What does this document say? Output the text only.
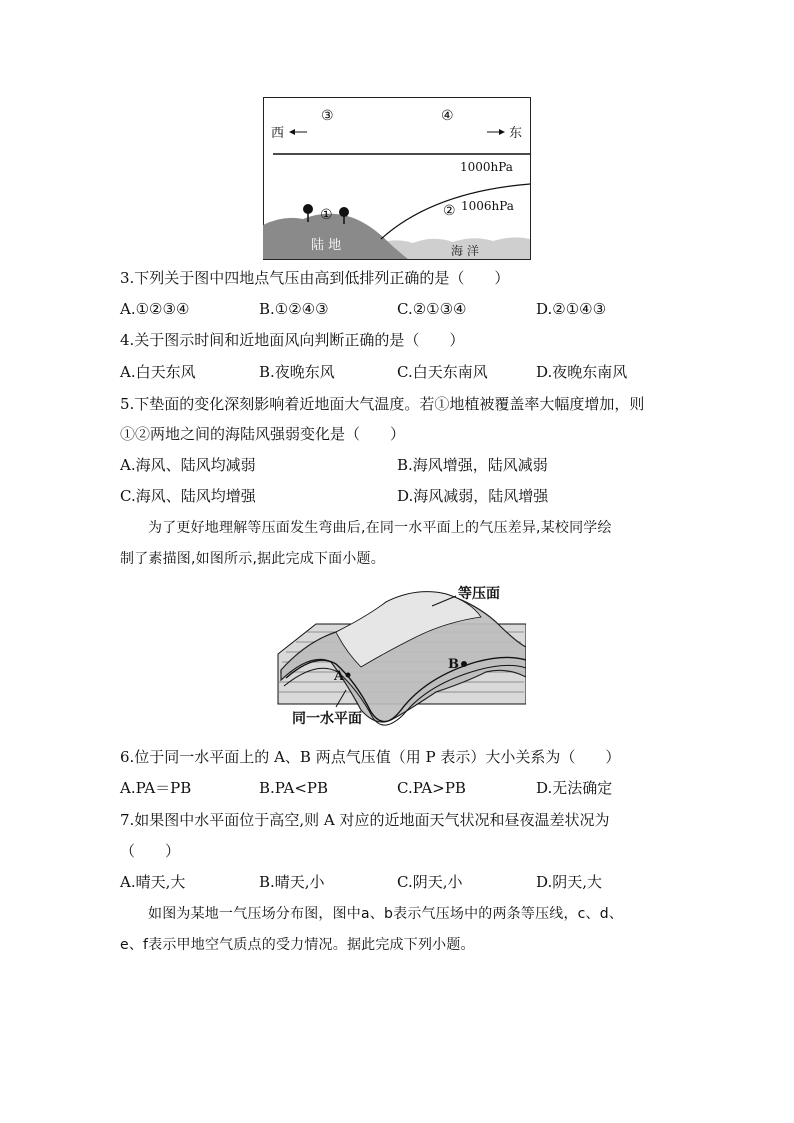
西	东
③	④
1000hPa
② 1006hPa
①
陆 地	海 洋
3.下列关于图中四地点气压由高到低排列正确的是（　　）
A.①②③④	B.①②④③	C.②①③④	D.②①④③
4.关于图示时间和近地面风向判断正确的是（　　）
A.白天东风	B.夜晚东风	C.白天东南风	D.夜晚东南风
5.下垫面的变化深刻影响着近地面大气温度。若①地植被覆盖率大幅度增加，则
①②两地之间的海陆风强弱变化是（　　）
A.海风、陆风均减弱	B.海风增强，陆风减弱
C.海风、陆风均增强	D.海风减弱，陆风增强
为了更好地理解等压面发生弯曲后,在同一水平面上的气压差异,某校同学绘
制了素描图,如图所示,据此完成下面小题。
A
B
等压面
同一水平面
6.位于同一水平面上的 A、B 两点气压值（用 P 表示）大小关系为（　　）
A.PA＝PB	B.PA<PB	C.PA>PB	D.无法确定
7.如果图中水平面位于高空,则 A 对应的近地面天气状况和昼夜温差状况为
（　　）
A.晴天,大	B.晴天,小	C.阴天,小	D.阴天,大
如图为某地一气压场分布图，图中a、b表示气压场中的两条等压线，c、d、
e、f表示甲地空气质点的受力情况。据此完成下列小题。
